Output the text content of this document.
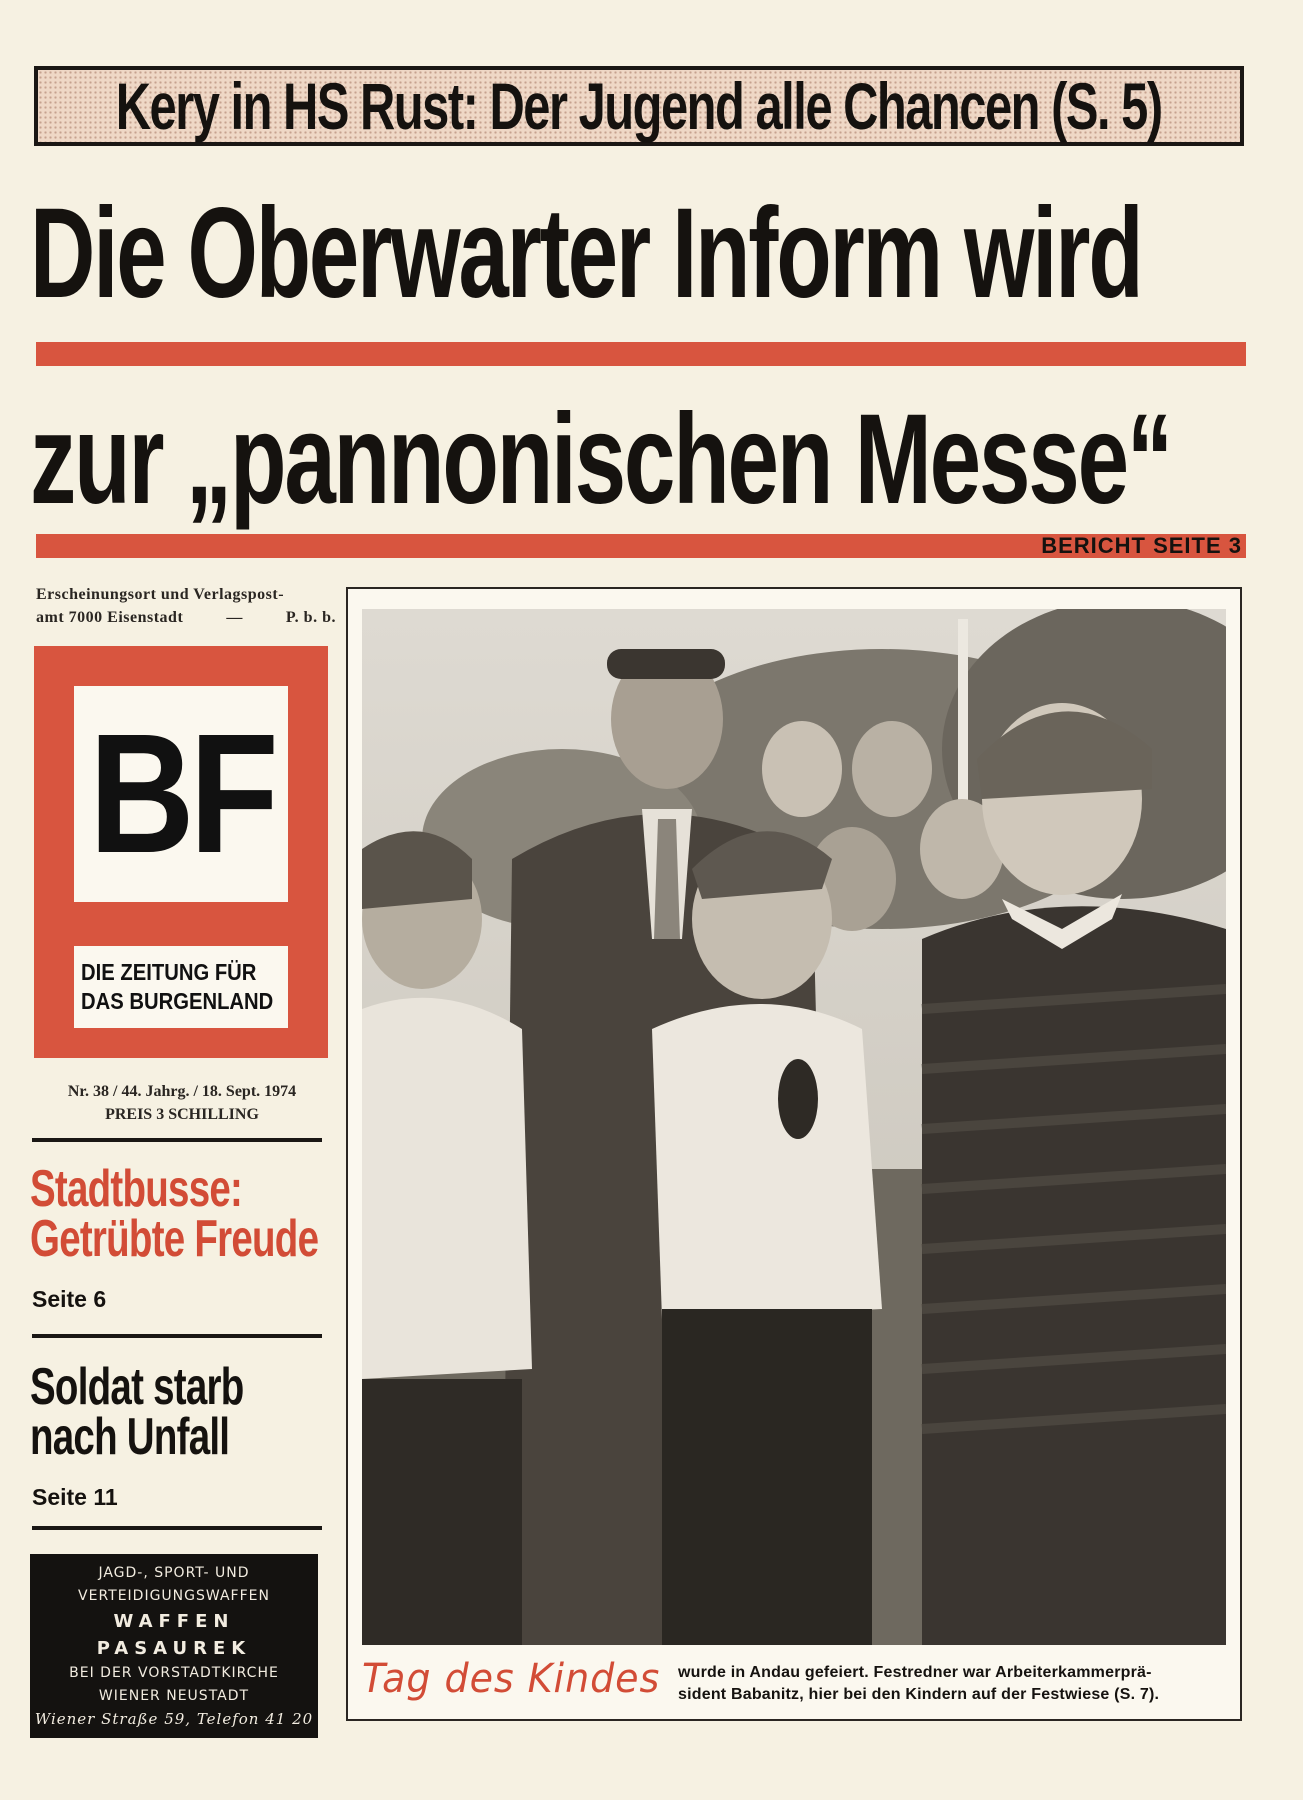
Kery in HS Rust: Der Jugend alle Chancen (S. 5)
Die Oberwarter Inform wird
zur „pannonischen Messe“
BERICHT SEITE 3
Erscheinungsort und Verlagspost-
amt 7000 Eisenstadt	—	P. b. b.
BF
DIE ZEITUNG FÜR
DAS BURGENLAND
Nr. 38 / 44. Jahrg. / 18. Sept. 1974
PREIS 3 SCHILLING
Stadtbusse:
Getrübte Freude
Seite 6
Soldat starb
nach Unfall
Seite 11
JAGD-, SPORT- UND
VERTEIDIGUNGSWAFFEN
WAFFEN
PASAUREK
BEI DER VORSTADTKIRCHE
WIENER NEUSTADT
Wiener Straße 59, Telefon 41 20
Tag des Kindes wurde in Andau gefeiert. Festredner war Arbeiterkammerprä-
sident Babanitz, hier bei den Kindern auf der Festwiese (S. 7).
